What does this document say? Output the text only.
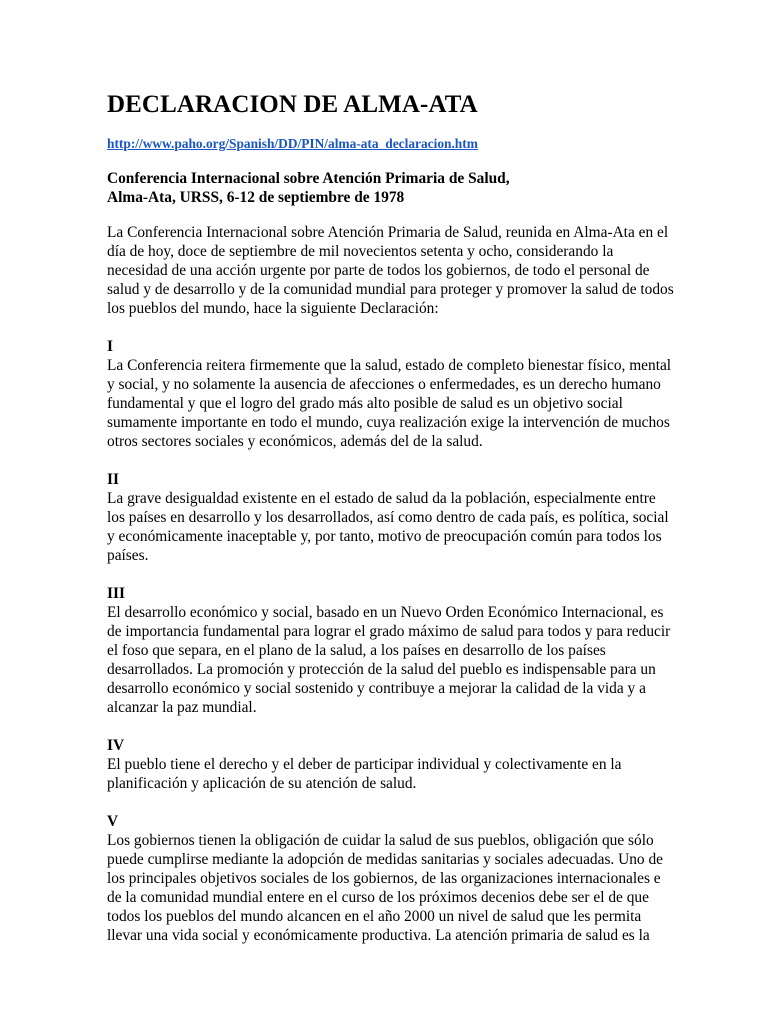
DECLARACION DE ALMA-ATA
http://www.paho.org/Spanish/DD/PIN/alma-ata_declaracion.htm
Conferencia Internacional sobre Atención Primaria de Salud,
Alma-Ata, URSS, 6-12 de septiembre de 1978

La Conferencia Internacional sobre Atención Primaria de Salud, reunida en Alma-Ata en el
día de hoy, doce de septiembre de mil novecientos setenta y ocho, considerando la
necesidad de una acción urgente por parte de todos los gobiernos, de todo el personal de
salud y de desarrollo y de la comunidad mundial para proteger y promover la salud de todos
los pueblos del mundo, hace la siguiente Declaración:

I
La Conferencia reitera firmemente que la salud, estado de completo bienestar físico, mental
y social, y no solamente la ausencia de afecciones o enfermedades, es un derecho humano
fundamental y que el logro del grado más alto posible de salud es un objetivo social
sumamente importante en todo el mundo, cuya realización exige la intervención de muchos
otros sectores sociales y económicos, además del de la salud.
II
La grave desigualdad existente en el estado de salud da la población, especialmente entre
los países en desarrollo y los desarrollados, así como dentro de cada país, es política, social
y económicamente inaceptable y, por tanto, motivo de preocupación común para todos los
países.
III
El desarrollo económico y social, basado en un Nuevo Orden Económico Internacional, es
de importancia fundamental para lograr el grado máximo de salud para todos y para reducir
el foso que separa, en el plano de la salud, a los países en desarrollo de los países
desarrollados. La promoción y protección de la salud del pueblo es indispensable para un
desarrollo económico y social sostenido y contribuye a mejorar la calidad de la vida y a
alcanzar la paz mundial.
IV
El pueblo tiene el derecho y el deber de participar individual y colectivamente en la
planificación y aplicación de su atención de salud.
V
Los gobiernos tienen la obligación de cuidar la salud de sus pueblos, obligación que sólo
puede cumplirse mediante la adopción de medidas sanitarias y sociales adecuadas. Uno de
los principales objetivos sociales de los gobiernos, de las organizaciones internacionales e
de la comunidad mundial entere en el curso de los próximos decenios debe ser el de que
todos los pueblos del mundo alcancen en el año 2000 un nivel de salud que les permita
llevar una vida social y económicamente productiva. La atención primaria de salud es la
